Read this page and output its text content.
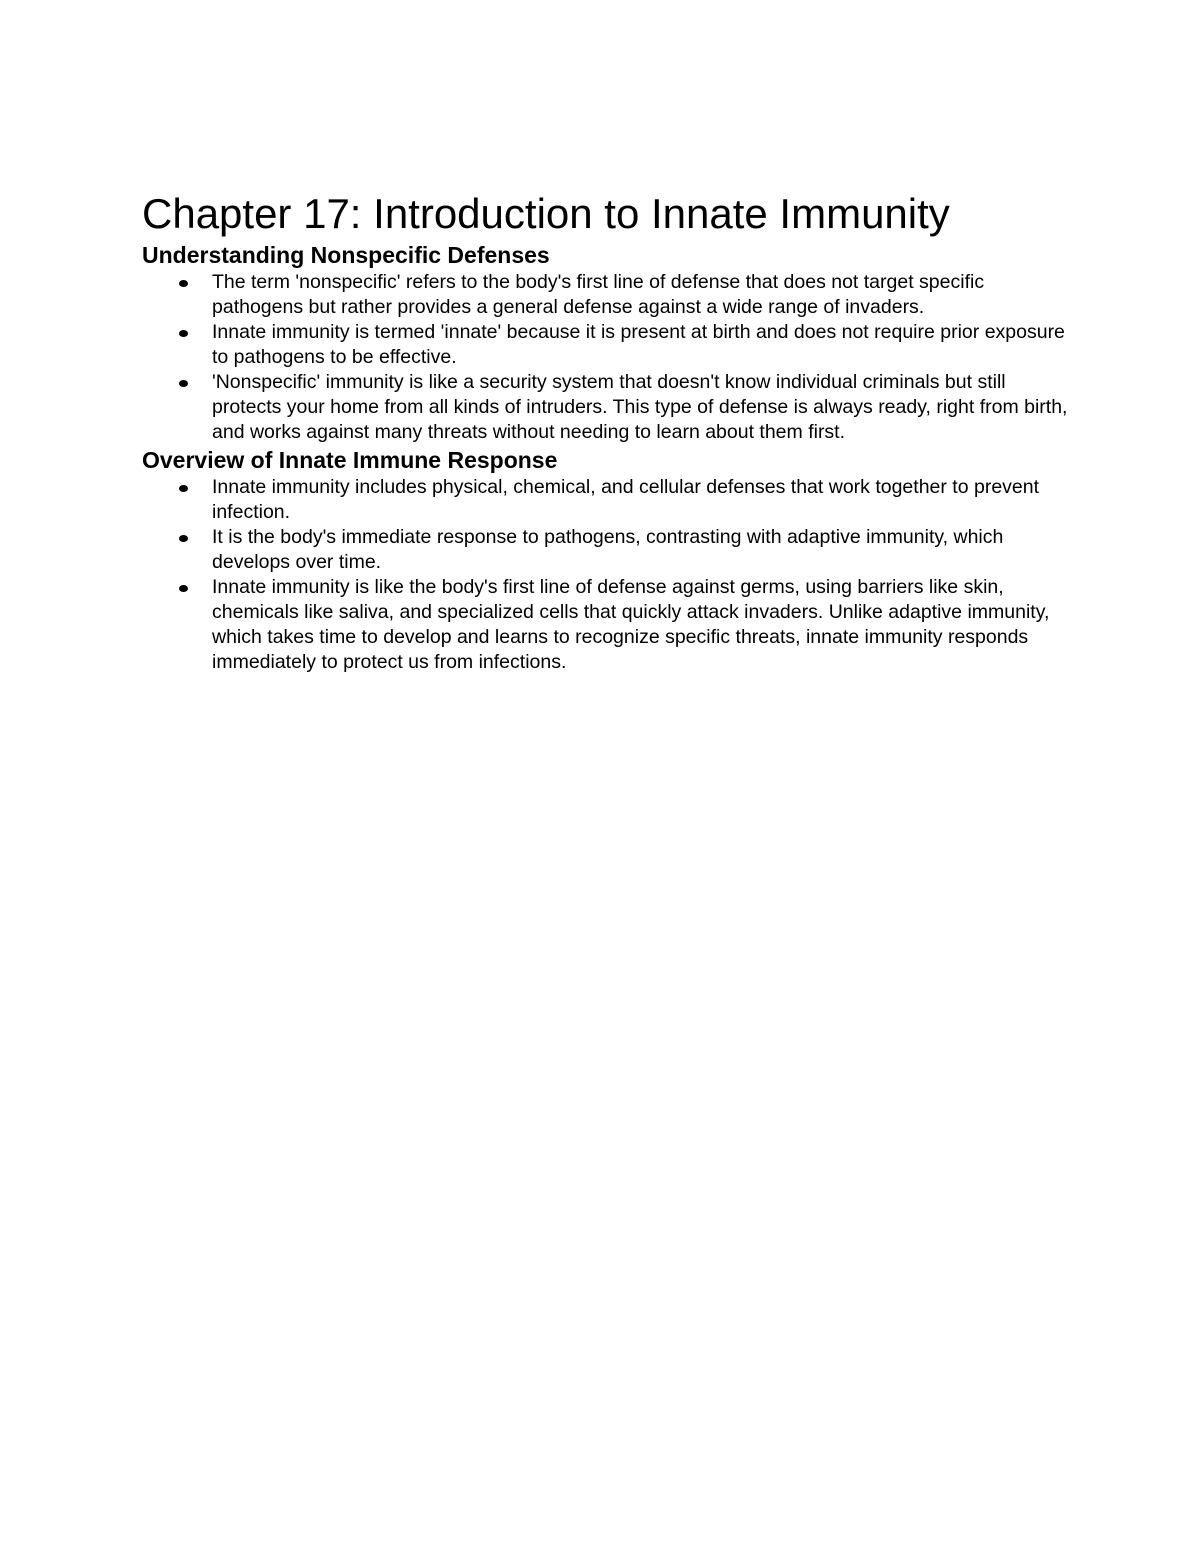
Chapter 17: Introduction to Innate Immunity
Understanding Nonspecific Defenses
The term 'nonspecific' refers to the body's first line of defense that does not target specific pathogens but rather provides a general defense against a wide range of invaders.
Innate immunity is termed 'innate' because it is present at birth and does not require prior exposure to pathogens to be effective.
'Nonspecific' immunity is like a security system that doesn't know individual criminals but still protects your home from all kinds of intruders. This type of defense is always ready, right from birth, and works against many threats without needing to learn about them first.
Overview of Innate Immune Response
Innate immunity includes physical, chemical, and cellular defenses that work together to prevent infection.
It is the body's immediate response to pathogens, contrasting with adaptive immunity, which develops over time.
Innate immunity is like the body's first line of defense against germs, using barriers like skin, chemicals like saliva, and specialized cells that quickly attack invaders. Unlike adaptive immunity, which takes time to develop and learns to recognize specific threats, innate immunity responds immediately to protect us from infections.
